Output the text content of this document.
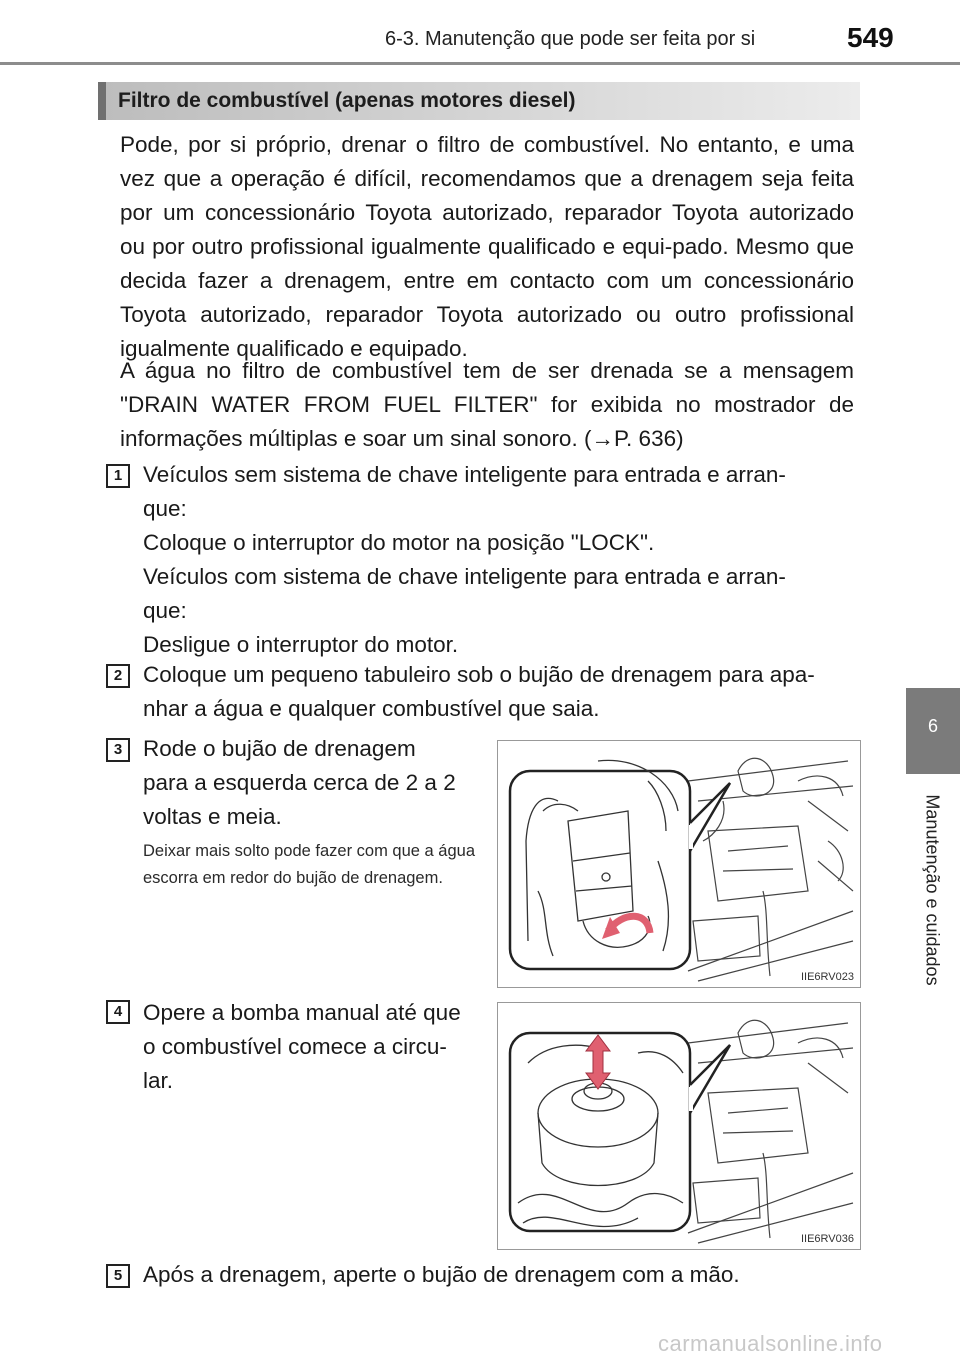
6-3. Manutenção que pode ser feita por si	549
6
Manutenção e cuidados
Filtro de combustível (apenas motores diesel)

Pode, por si próprio, drenar o filtro de combustível. No entanto, e uma vez que a operação é difícil, recomendamos que a drenagem seja feita por um concessionário Toyota autorizado, reparador Toyota autorizado ou por outro profissional igualmente qualificado e equi-pado. Mesmo que decida fazer a drenagem, entre em contacto com um concessionário Toyota autorizado, reparador Toyota autorizado ou outro profissional igualmente qualificado e equipado.

A água no filtro de combustível tem de ser drenada se a mensagem "DRAIN WATER FROM FUEL FILTER" for exibida no mostrador de informações múltiplas e soar um sinal sonoro. (→P. 636)

1 Veículos sem sistema de chave inteligente para entrada e arran-
que:
Coloque o interruptor do motor na posição "LOCK".
Veículos com sistema de chave inteligente para entrada e arran-
que:
Desligue o interruptor do motor.
2 Coloque um pequeno tabuleiro sob o bujão de drenagem para apa-
nhar a água e qualquer combustível que saia.
3 Rode o bujão de drenagem
para a esquerda cerca de 2 a 2
voltas e meia.
Deixar mais solto pode fazer com que a água escorra em redor do bujão de drenagem.
IIE6RV023
4 Opere a bomba manual até que
o combustível comece a circu-
lar.
IIE6RV036
5 Após a drenagem, aperte o bujão de drenagem com a mão.
carmanualsonline.info
